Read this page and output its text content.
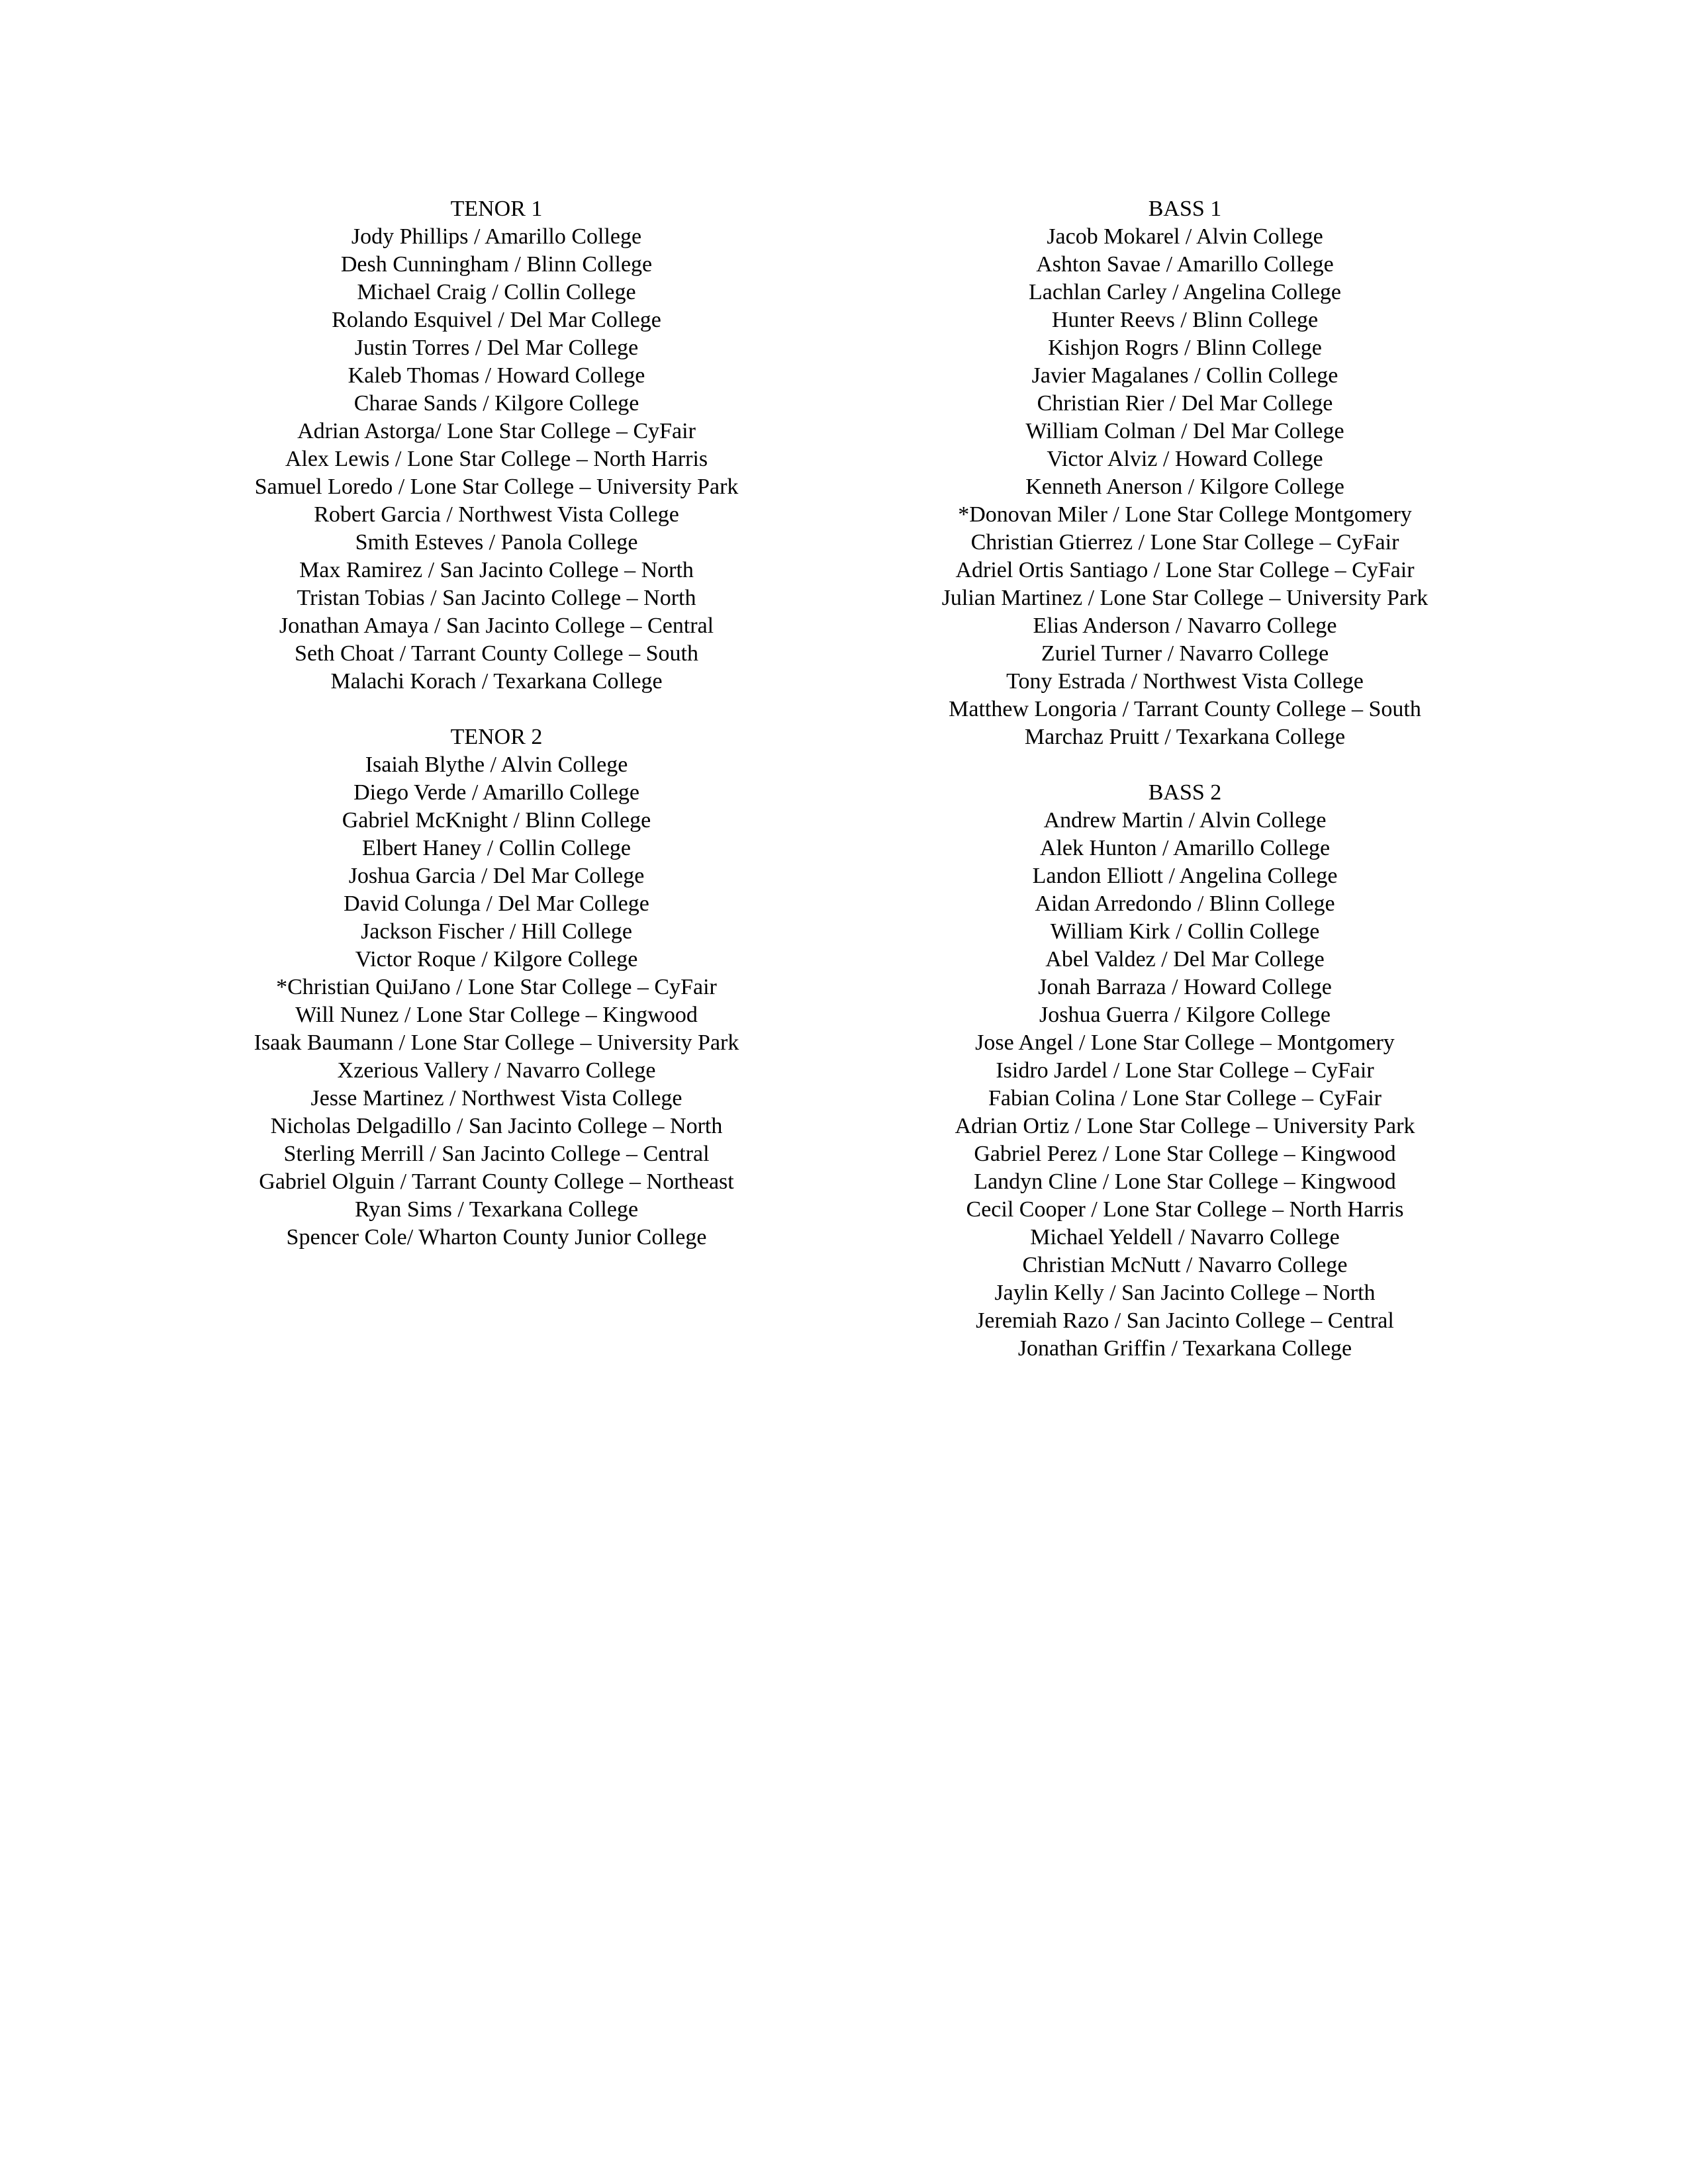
TENOR 1
Jody Phillips / Amarillo College
Desh Cunningham / Blinn College
Michael Craig / Collin College
Rolando Esquivel / Del Mar College
Justin Torres / Del Mar College
Kaleb Thomas / Howard College
Charae Sands / Kilgore College
Adrian Astorga/ Lone Star College – CyFair
Alex Lewis / Lone Star College – North Harris
Samuel Loredo / Lone Star College – University Park
Robert Garcia / Northwest Vista College
Smith Esteves / Panola College
Max Ramirez / San Jacinto College – North
Tristan Tobias / San Jacinto College – North
Jonathan Amaya / San Jacinto College – Central
Seth Choat / Tarrant County College – South
Malachi Korach / Texarkana College
TENOR 2
Isaiah Blythe / Alvin College
Diego Verde / Amarillo College
Gabriel McKnight / Blinn College
Elbert Haney / Collin College
Joshua Garcia / Del Mar College
David Colunga / Del Mar College
Jackson Fischer / Hill College
Victor Roque / Kilgore College
*Christian QuiJano / Lone Star College – CyFair
Will Nunez / Lone Star College – Kingwood
Isaak Baumann / Lone Star College – University Park
Xzerious Vallery / Navarro College
Jesse Martinez / Northwest Vista College
Nicholas Delgadillo / San Jacinto College – North
Sterling Merrill / San Jacinto College – Central
Gabriel Olguin / Tarrant County College – Northeast
Ryan Sims / Texarkana College
Spencer Cole/ Wharton County Junior College
BASS 1
Jacob Mokarel / Alvin College
Ashton Savae / Amarillo College
Lachlan Carley / Angelina College
Hunter Reevs / Blinn College
Kishjon Rogrs / Blinn College
Javier Magalanes / Collin College
Christian Rier / Del Mar College
William Colman / Del Mar College
Victor Alviz / Howard College
Kenneth Anerson / Kilgore College
*Donovan Miler / Lone Star College Montgomery
Christian Gtierrez / Lone Star College – CyFair
Adriel Ortis Santiago / Lone Star College – CyFair
Julian Martinez / Lone Star College – University Park
Elias Anderson / Navarro College
Zuriel Turner / Navarro College
Tony Estrada / Northwest Vista College
Matthew Longoria / Tarrant County College – South
Marchaz Pruitt / Texarkana College
BASS 2
Andrew Martin / Alvin College
Alek Hunton / Amarillo College
Landon Elliott / Angelina College
Aidan Arredondo / Blinn College
William Kirk / Collin College
Abel Valdez / Del Mar College
Jonah Barraza / Howard College
Joshua Guerra / Kilgore College
Jose Angel / Lone Star College – Montgomery
Isidro Jardel / Lone Star College – CyFair
Fabian Colina / Lone Star College – CyFair
Adrian Ortiz / Lone Star College – University Park
Gabriel Perez / Lone Star College – Kingwood
Landyn Cline / Lone Star College – Kingwood
Cecil Cooper / Lone Star College – North Harris
Michael Yeldell / Navarro College
Christian McNutt / Navarro College
Jaylin Kelly / San Jacinto College – North
Jeremiah Razo / San Jacinto College – Central
Jonathan Griffin / Texarkana College
